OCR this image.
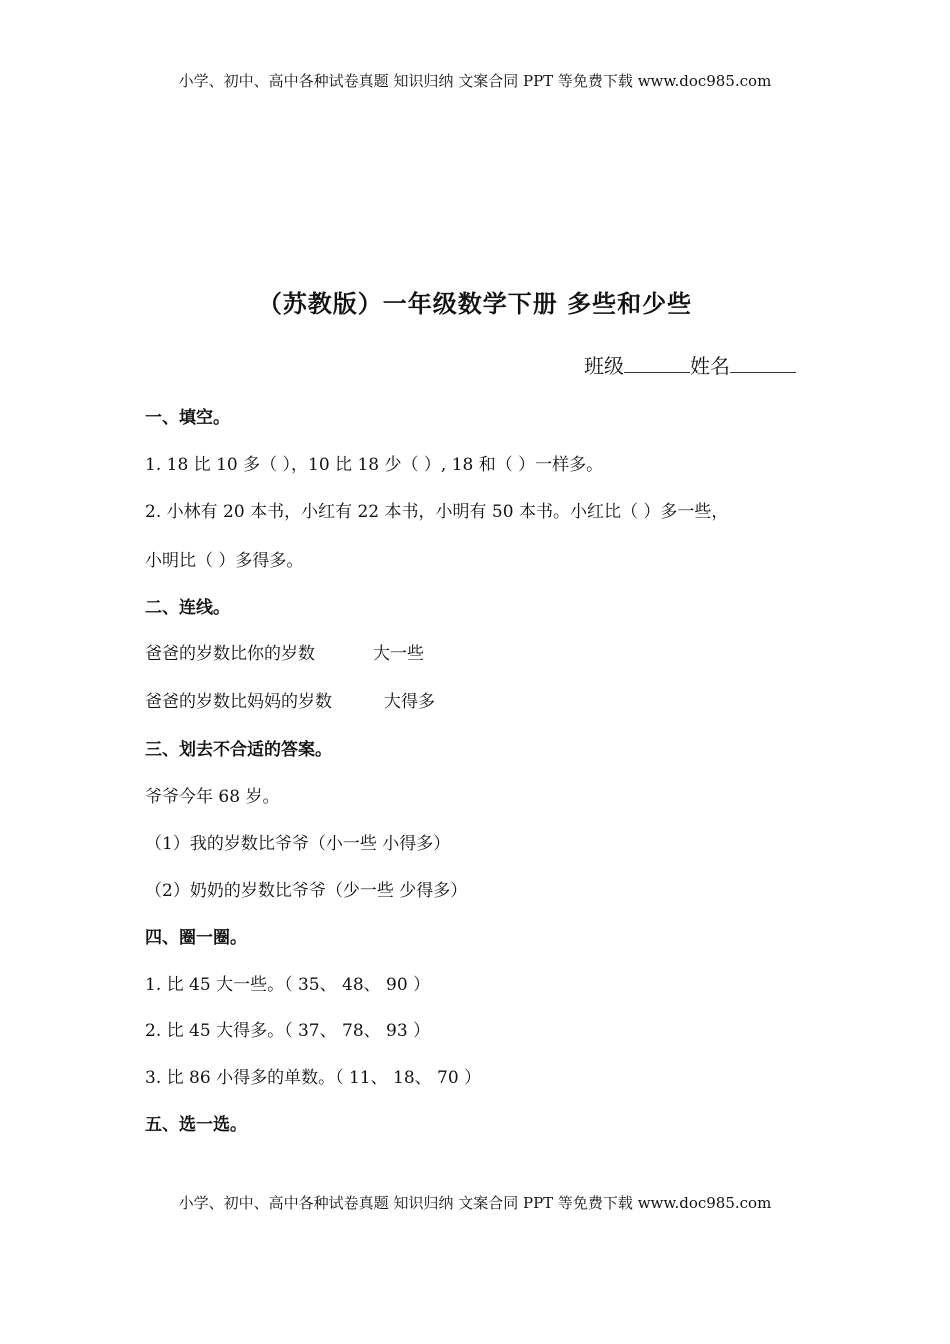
小学、初中、高中各种试卷真题 知识归纳 文案合同 PPT 等免费下载 www.doc985.com
（苏教版）一年级数学下册 多些和少些
班级	姓名
一、填空。
1. 18 比 10 多（ ），10 比 18 少（ ）, 18 和（ ）一样多。
2. 小林有 20 本书，小红有 22 本书，小明有 50 本书。小红比（ ）多一些，
小明比（ ）多得多。
二、连线。
爸爸的岁数比你的岁数	大一些
爸爸的岁数比妈妈的岁数	大得多
三、划去不合适的答案。
爷爷今年 68 岁。
（1）我的岁数比爷爷（小一些 小得多）
（2）奶奶的岁数比爷爷（少一些 少得多）
四、圈一圈。
1. 比 45 大一些。（ 35、 48、 90 ）
2. 比 45 大得多。（ 37、 78、 93 ）
3. 比 86 小得多的单数。（ 11、 18、 70 ）
五、选一选。
小学、初中、高中各种试卷真题 知识归纳 文案合同 PPT 等免费下载 www.doc985.com
